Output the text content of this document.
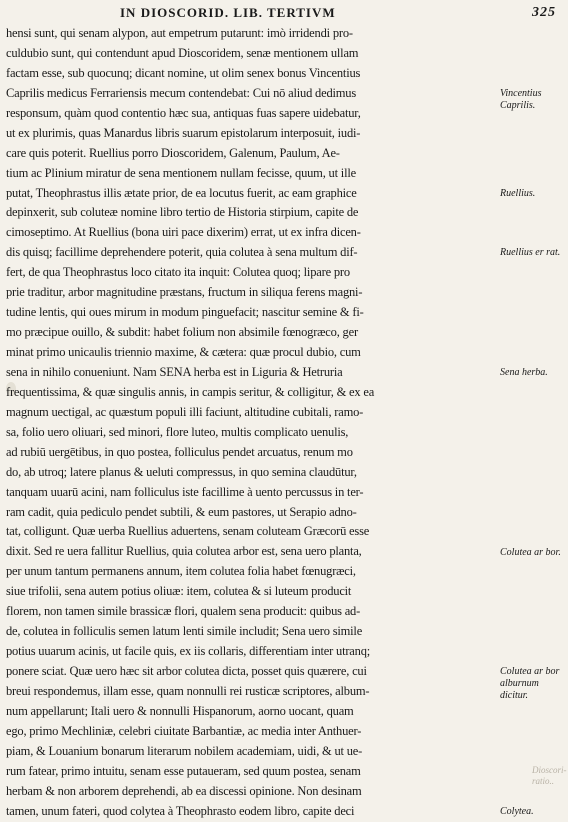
IN DIOSCORID. LIB. TERTIVM	325
hensi sunt, qui senam alypon, aut empetrum putarunt: imò irridendi pro-
culdubio sunt, qui contendunt apud Dioscoridem, senæ mentionem ullam
factam esse, sub quocunq; dicant nomine, ut olim senex bonus Vincentius
Caprilis medicus Ferrariensis mecum contendebat: Cui nō aliud dedimus
responsum, quàm quod contentio hæc sua, antiquas fuas sapere uidebatur,
ut ex plurimis, quas Manardus libris suarum epistolarum interposuit, iudi-
care quis poterit. Ruellius porro Dioscoridem, Galenum, Paulum, Ae-
tium ac Plinium miratur de sena mentionem nullam fecisse, quum, ut ille
putat, Theophrastus illis ætate prior, de ea locutus fuerit, ac eam graphice
depinxerit, sub coluteæ nomine libro tertio de Historia stirpium, capite de
cimoseptimo. At Ruellius (bona uiri pace dixerim) errat, ut ex infra dicen-
dis quisq; facillime deprehendere poterit, quia colutea à sena multum dif-
fert, de qua Theophrastus loco citato ita inquit: Colutea quoq; lipare pro
prie traditur, arbor magnitudine præstans, fructum in siliqua ferens magni-
tudine lentis, qui oues mirum in modum pinguefacit; nascitur semine & fi-
mo præcipue ouillo, & subdit: habet folium non absimile fœnogræco, ger
minat primo unicaulis triennio maxime, & cætera: quæ procul dubio, cum
sena in nihilo conueniunt. Nam SENA herba est in Liguria & Hetruria
frequentissima, & quæ singulis annis, in campis seritur, & colligitur, & ex ea
magnum uectigal, ac quæstum populi illi faciunt, altitudine cubitali, ramo-
sa, folio uero oliuari, sed minori, flore luteo, multis complicato uenulis,
ad rubiū uergētibus, in quo postea, folliculus pendet arcuatus, renum mo
do, ab utroq; latere planus & ueluti compressus, in quo semina claudūtur,
tanquam uuarū acini, nam folliculus iste facillime à uento percussus in ter-
ram cadit, quia pediculo pendet subtili, & eum pastores, ut Serapio adno-
tat, colligunt. Quæ uerba Ruellius aduertens, senam coluteam Græcorū esse
dixit. Sed re uera fallitur Ruellius, quia colutea arbor est, sena uero planta,
per unum tantum permanens annum, item colutea folia habet fœnugræci,
siue trifolii, sena autem potius oliuæ: item, colutea & si luteum producit
florem, non tamen simile brassicæ flori, qualem sena producit: quibus ad-
de, colutea in folliculis semen latum lenti simile includit; Sena uero simile
potius uuarum acinis, ut facile quis, ex iis collaris, differentiam inter utranq;
ponere sciat. Quæ uero hæc sit arbor colutea dicta, posset quis quærere, cui
breui respondemus, illam esse, quam nonnulli rei rusticæ scriptores, album-
num appellarunt; Itali uero & nonnulli Hispanorum, aorno uocant, quam
ego, primo Mechliniæ, celebri ciuitate Barbantiæ, ac media inter Anthuer-
piam, & Louanium bonarum literarum nobilem academiam, uidi, & ut ue-
rum fatear, primo intuitu, senam esse putaueram, sed quum postea, senam
herbam & non arborem deprehendi, ab ea discessi opinione. Non desinam
tamen, unum fateri, quod colytea à Theophrasto eodem libro, capite deci
Vincentius Caprilis.
Ruellius.
Ruellius er rat.
Sena herba.
Colutea ar bor.
Colutea ar bor alburnum dicitur.
Colytea.
Dioscori- ratio..
